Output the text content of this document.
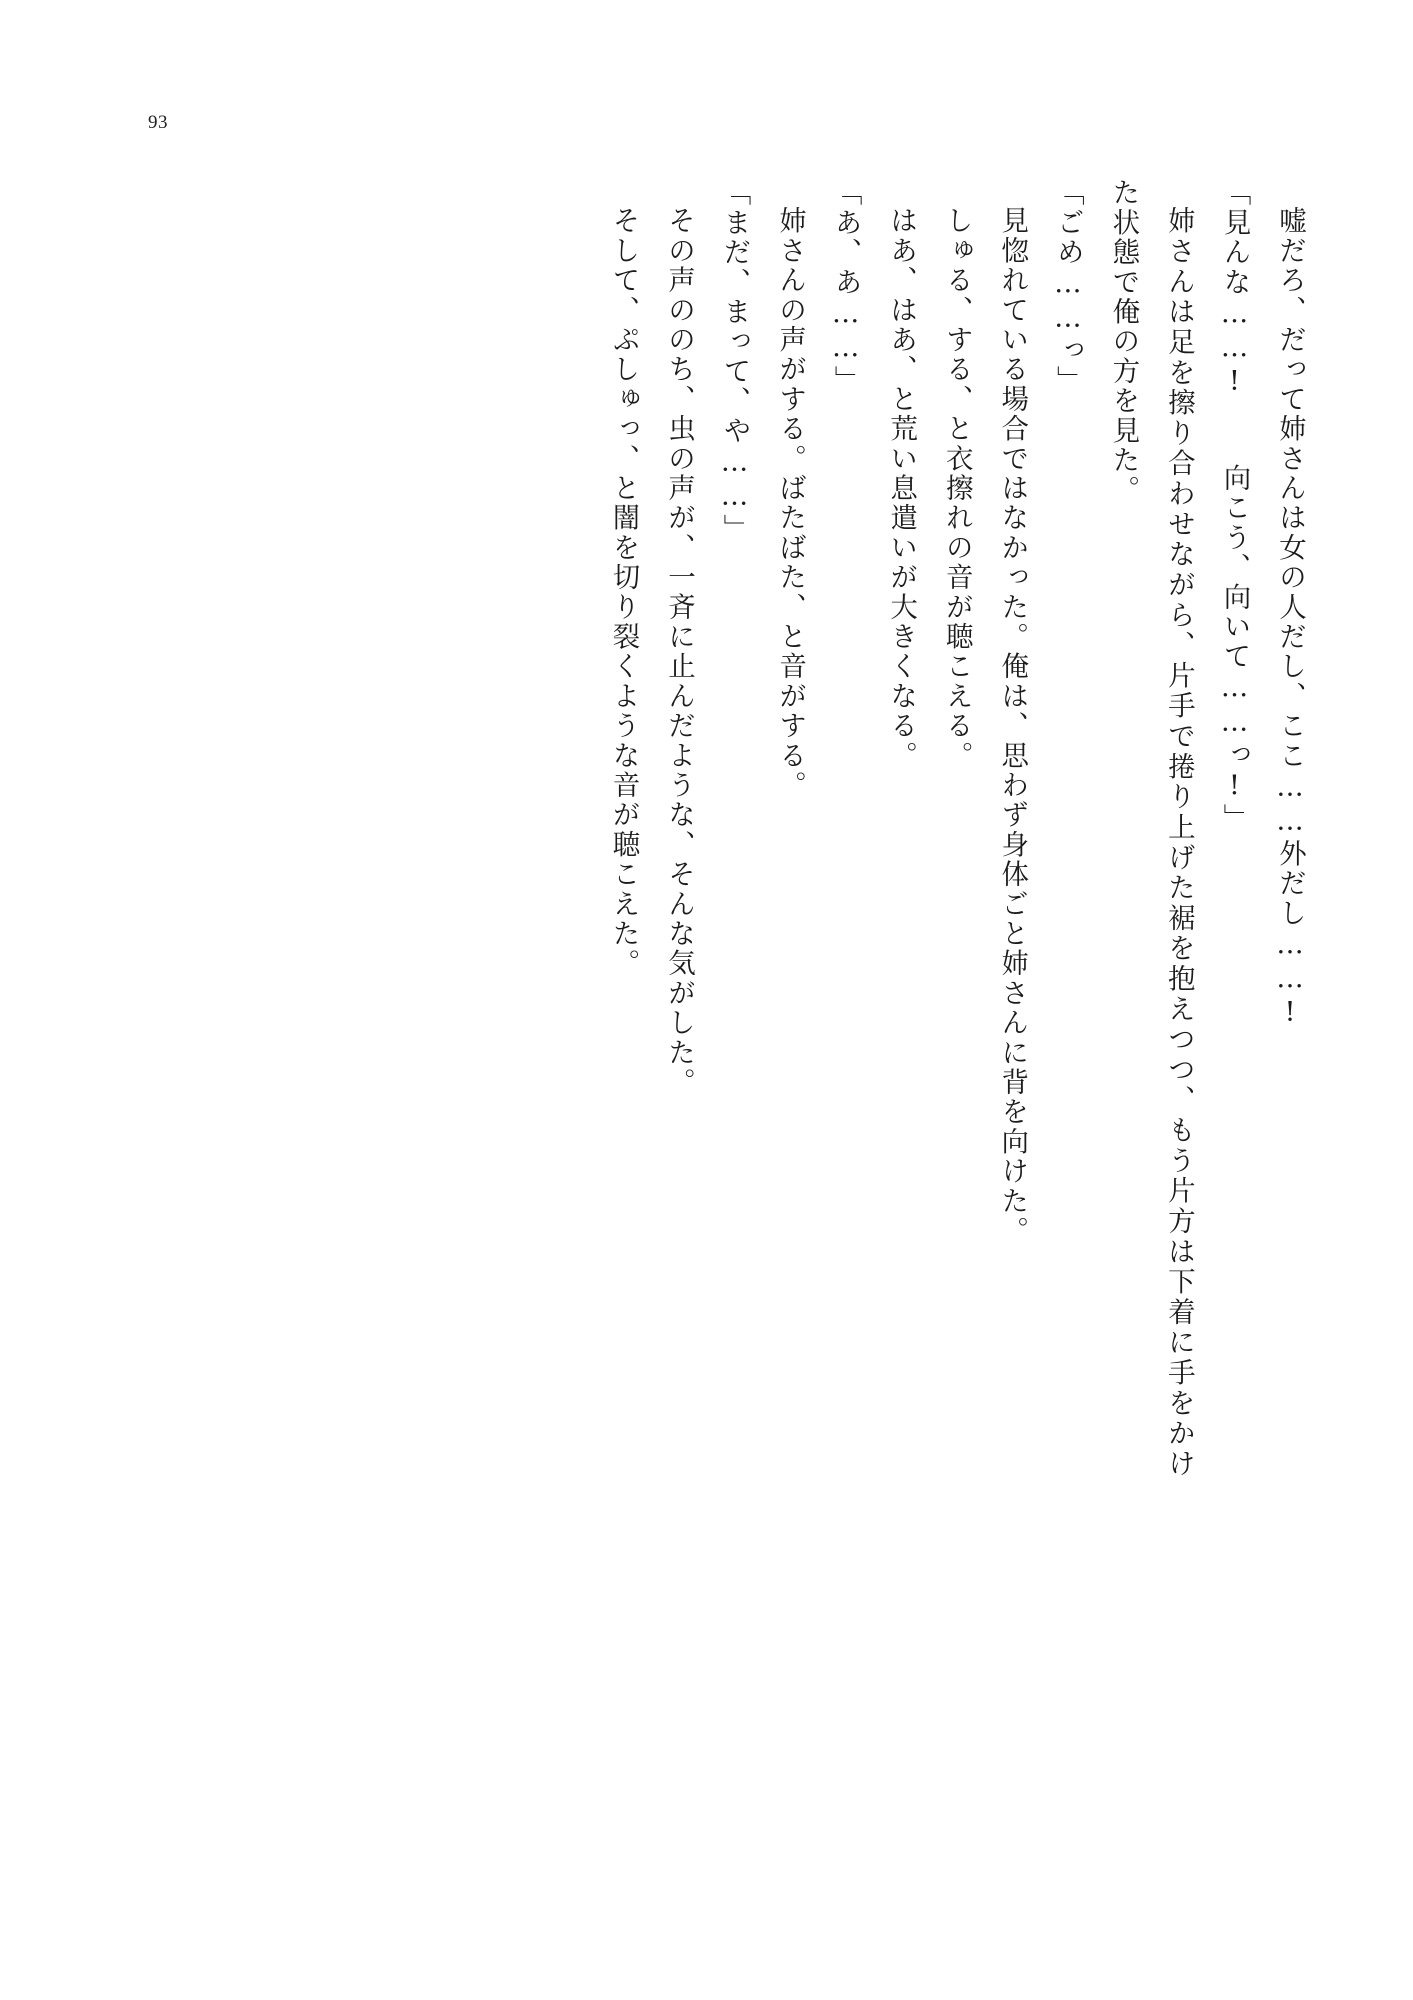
93

嘘だろ、だって姉さんは女の人だし、ここ……外だし……!

「見んな……! 　向こう、向いて……っ!」

姉さんは足を擦り合わせながら、片手で捲り上げた裾を抱えつつ、もう片方は下着に手をかけた状態で俺の方を見た。

「ごめ……っ」

見惚れている場合ではなかった。俺は、思わず身体ごと姉さんに背を向けた。

しゅる、する、と衣擦れの音が聴こえる。

はあ、はあ、と荒い息遣いが大きくなる。

「あ、あ……」

姉さんの声がする。ばたばた、と音がする。

「まだ、まって、や……」

その声ののち、虫の声が、一斉に止んだような、そんな気がした。

そして、ぷしゅっ、と闇を切り裂くような音が聴こえた。
